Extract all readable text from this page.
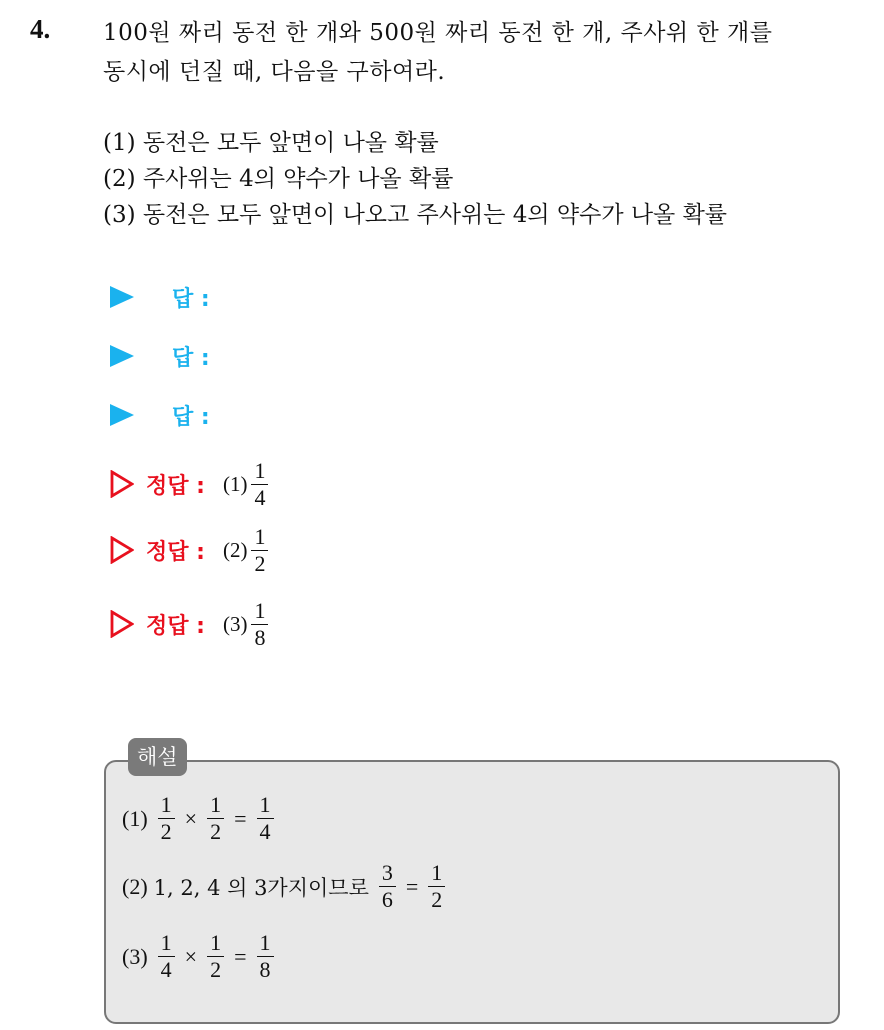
4. 100원 짜리 동전 한 개와 500원 짜리 동전 한 개, 주사위 한 개를
동시에 던질 때, 다음을 구하여라.
(1) 동전은 모두 앞면이 나올 확률
(2) 주사위는 4의 약수가 나올 확률
(3) 동전은 모두 앞면이 나오고 주사위는 4의 약수가 나올 확률
답 :
답 :
답 :
정답 : $(1) \frac{1}{4}$
정답 : $(2) \frac{1}{2}$
정답 : $(3) \frac{1}{8}$
해설
$(1) \frac{1}{2} \times \frac{1}{2} = \frac{1}{4}$
(2) 1, 2, 4 의 3가지이므로 $\frac{3}{6} = \frac{1}{2}$
$(3) \frac{1}{4} \times \frac{1}{2} = \frac{1}{8}$
